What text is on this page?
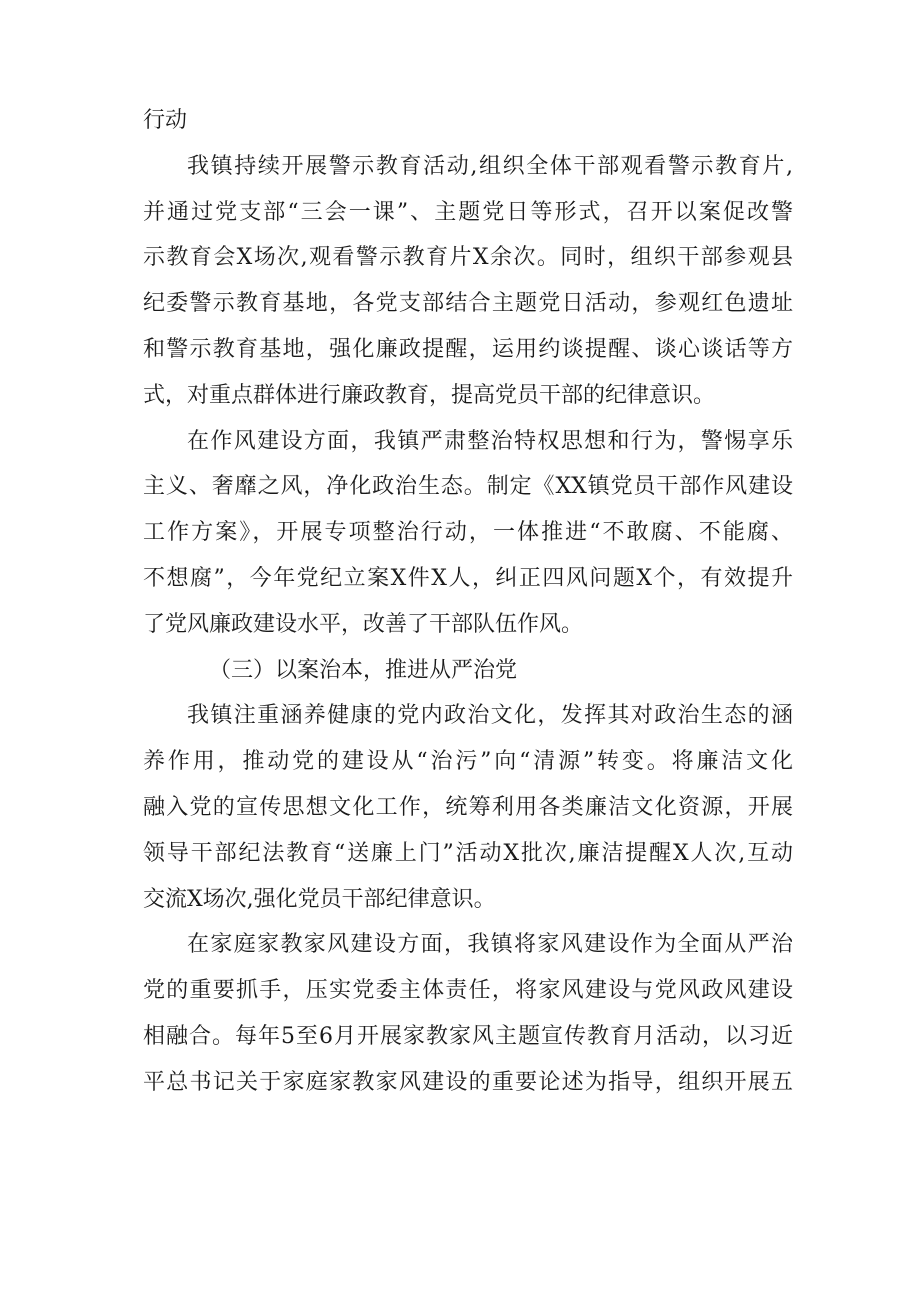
行动
我镇持续开展警示教育活动,组织全体干部观看警示教育片,
并通过党支部“三会一课”、主题党日等形式，召开以案促改警
示教育会X场次,观看警示教育片X余次。同时，组织干部参观县
纪委警示教育基地，各党支部结合主题党日活动，参观红色遗址
和警示教育基地，强化廉政提醒，运用约谈提醒、谈心谈话等方
式，对重点群体进行廉政教育，提高党员干部的纪律意识。
在作风建设方面，我镇严肃整治特权思想和行为，警惕享乐
主义、奢靡之风，净化政治生态。制定《XX镇党员干部作风建设
工作方案》，开展专项整治行动，一体推进“不敢腐、不能腐、
不想腐”，今年党纪立案X件X人，纠正四风问题X个，有效提升
了党风廉政建设水平，改善了干部队伍作风。
（三）以案治本，推进从严治党
我镇注重涵养健康的党内政治文化，发挥其对政治生态的涵
养作用，推动党的建设从“治污”向“清源”转变。将廉洁文化
融入党的宣传思想文化工作，统筹利用各类廉洁文化资源，开展
领导干部纪法教育“送廉上门”活动X批次,廉洁提醒X人次,互动
交流X场次,强化党员干部纪律意识。
在家庭家教家风建设方面，我镇将家风建设作为全面从严治
党的重要抓手，压实党委主体责任，将家风建设与党风政风建设
相融合。每年5至6月开展家教家风主题宣传教育月活动，以习近
平总书记关于家庭家教家风建设的重要论述为指导，组织开展五
